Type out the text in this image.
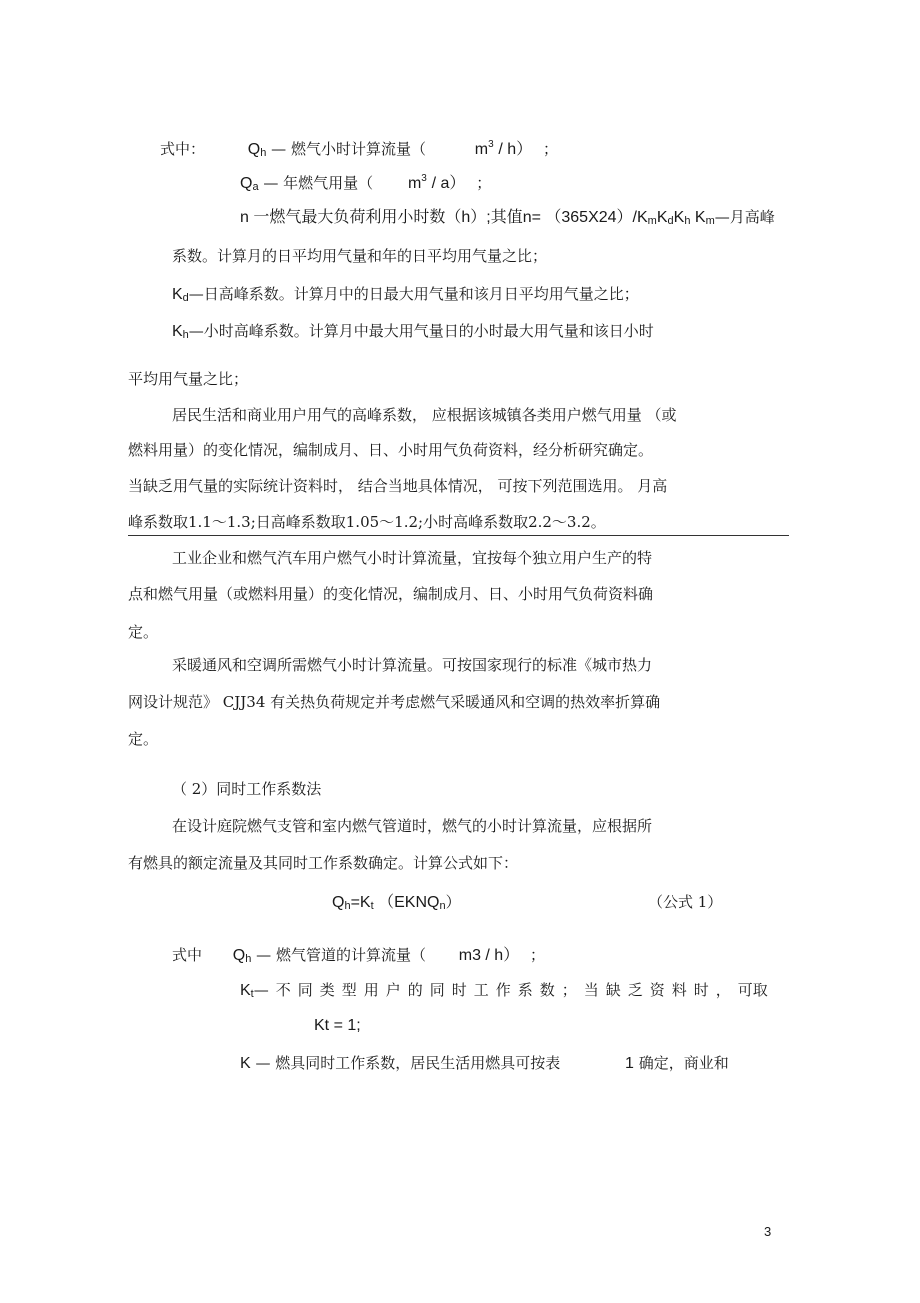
式中：	Qh — 燃气小时计算流量（	$m^3 / h$） ；
Qa — 年燃气用量（ $m^3 / a$） ；
n 一燃气最大负荷利用小时数（h）;其值n= （365X24）/KmKdKh Km—月高峰
系数。计算月的日平均用气量和年的日平均用气量之比；
Kd—日高峰系数。计算月中的日最大用气量和该月日平均用气量之比；
Kh—小时高峰系数。计算月中最大用气量日的小时最大用气量和该日小时
平均用气量之比；
居民生活和商业用户用气的高峰系数， 应根据该城镇各类用户燃气用量 （或
燃料用量）的变化情况，编制成月、日、小时用气负荷资料，经分析研究确定。
当缺乏用气量的实际统计资料时， 结合当地具体情况， 可按下列范围选用。 月高
峰系数取1.1～1.3;日高峰系数取1.05～1.2;小时高峰系数取2.2～3.2。
工业企业和燃气汽车用户燃气小时计算流量，宜按每个独立用户生产的特
点和燃气用量（或燃料用量）的变化情况，编制成月、日、小时用气负荷资料确
定。
采暖通风和空调所需燃气小时计算流量。可按国家现行的标准《城市热力
网设计规范》 CJJ34 有关热负荷规定并考虑燃气采暖通风和空调的热效率折算确
定。
（ 2）同时工作系数法
在设计庭院燃气支管和室内燃气管道时，燃气的小时计算流量，应根据所
有燃具的额定流量及其同时工作系数确定。计算公式如下：
Qh=Kt （EKNQn）	（公式 1）
式中 Qh — 燃气管道的计算流量（ m3 / h） ；
Kt—不同类型用户的同时工作系数；当缺乏资料时，可取
Kt = 1;
K — 燃具同时工作系数，居民生活用燃具可按表	1 确定，商业和
3
